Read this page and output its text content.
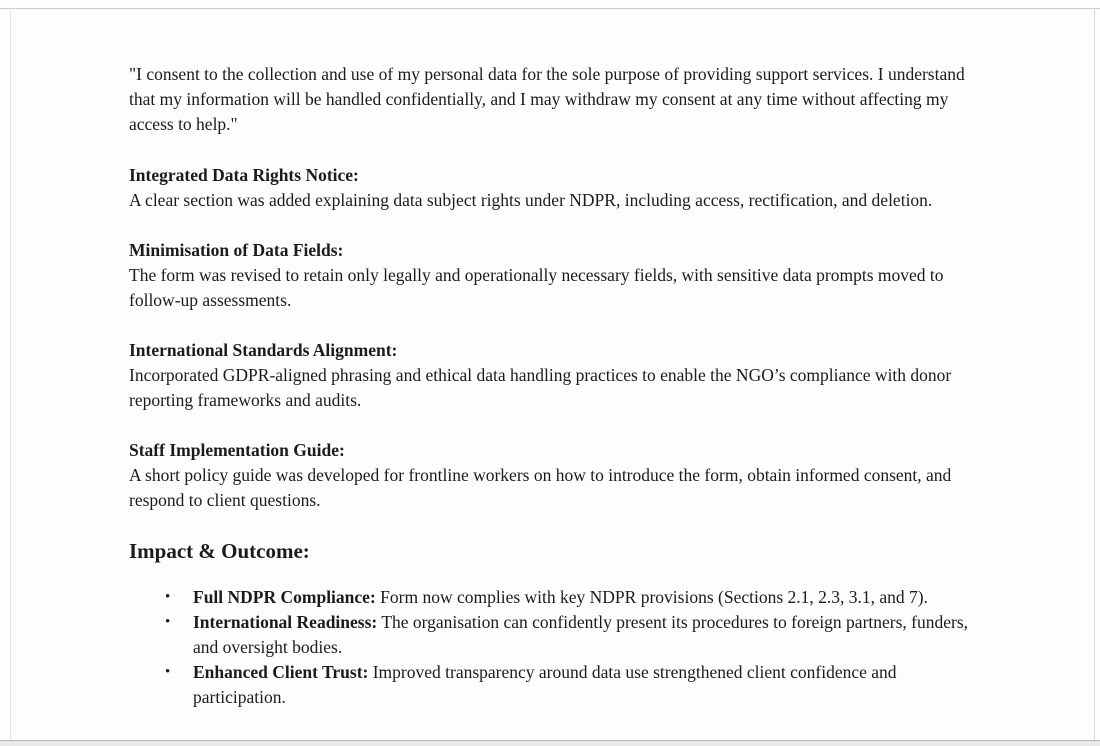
"I consent to the collection and use of my personal data for the sole purpose of providing support services. I understand that my information will be handled confidentially, and I may withdraw my consent at any time without affecting my access to help."

Integrated Data Rights Notice:
A clear section was added explaining data subject rights under NDPR, including access, rectification, and deletion.
Minimisation of Data Fields:
The form was revised to retain only legally and operationally necessary fields, with sensitive data prompts moved to follow-up assessments.
International Standards Alignment:
Incorporated GDPR-aligned phrasing and ethical data handling practices to enable the NGO’s compliance with donor reporting frameworks and audits.
Staff Implementation Guide:
A short policy guide was developed for frontline workers on how to introduce the form, obtain informed consent, and respond to client questions.
Impact & Outcome:
• Full NDPR Compliance: Form now complies with key NDPR provisions (Sections 2.1, 2.3, 3.1, and 7).
• International Readiness: The organisation can confidently present its procedures to foreign partners, funders, and oversight bodies.
• Enhanced Client Trust: Improved transparency around data use strengthened client confidence and participation.
